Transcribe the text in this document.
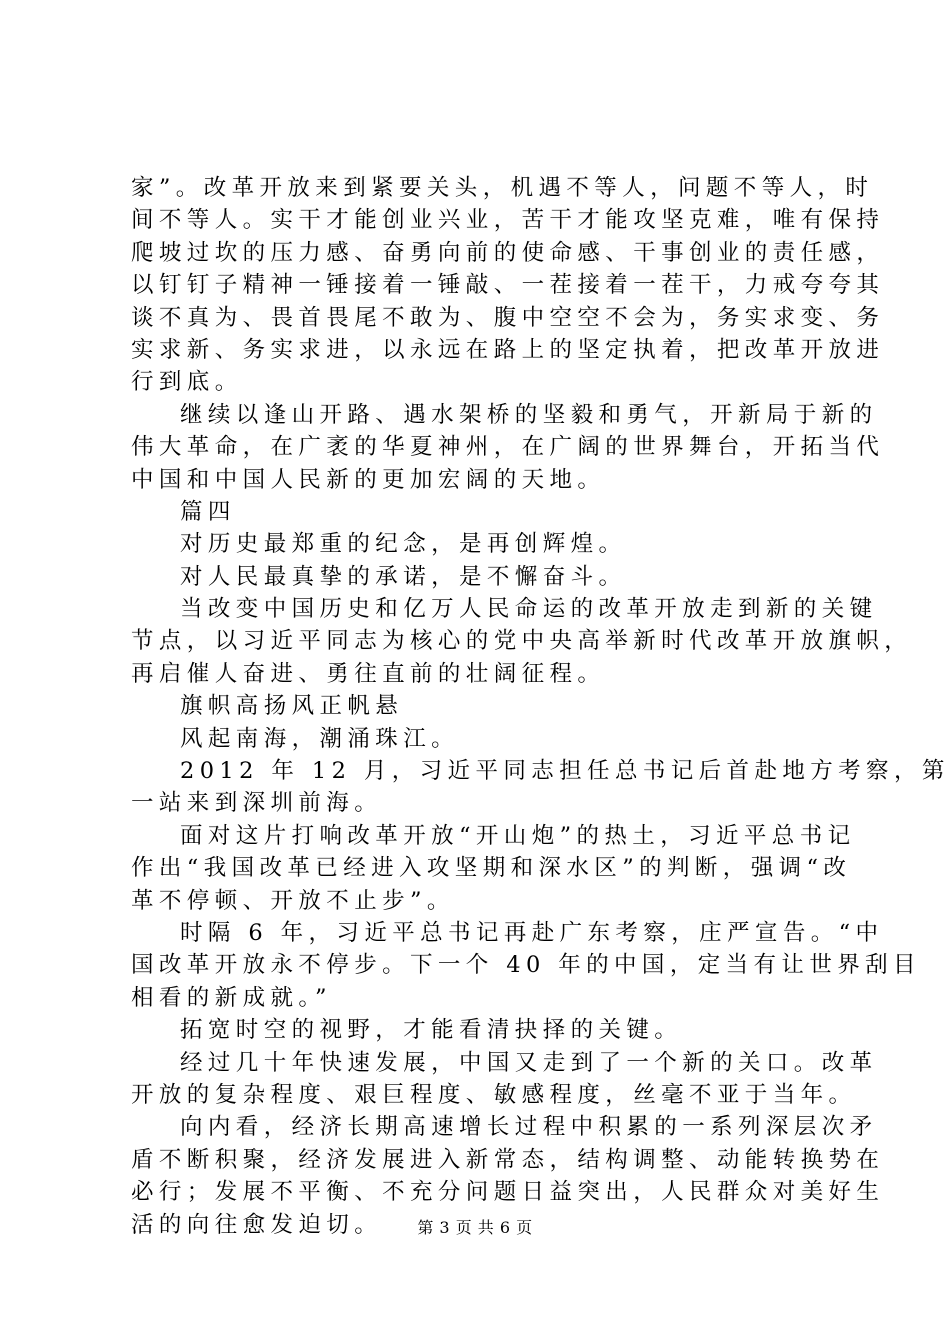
家”。改革开放来到紧要关头，机遇不等人，问题不等人，时
间不等人。实干才能创业兴业，苦干才能攻坚克难，唯有保持
爬坡过坎的压力感、奋勇向前的使命感、干事创业的责任感，
以钉钉子精神一锤接着一锤敲、一茬接着一茬干，力戒夸夸其
谈不真为、畏首畏尾不敢为、腹中空空不会为，务实求变、务
实求新、务实求进，以永远在路上的坚定执着，把改革开放进
行到底。
继续以逢山开路、遇水架桥的坚毅和勇气，开新局于新的
伟大革命，在广袤的华夏神州，在广阔的世界舞台，开拓当代
中国和中国人民新的更加宏阔的天地。
篇四
对历史最郑重的纪念，是再创辉煌。
对人民最真挚的承诺，是不懈奋斗。
当改变中国历史和亿万人民命运的改革开放走到新的关键
节点，以习近平同志为核心的党中央高举新时代改革开放旗帜，
再启催人奋进、勇往直前的壮阔征程。
旗帜高扬风正帆悬
风起南海，潮涌珠江。
2012 年 12 月，习近平同志担任总书记后首赴地方考察，第
一站来到深圳前海。
面对这片打响改革开放“开山炮”的热土，习近平总书记
作出“我国改革已经进入攻坚期和深水区”的判断，强调“改
革不停顿、开放不止步”。
时隔 6 年，习近平总书记再赴广东考察，庄严宣告。“中
国改革开放永不停步。下一个 40 年的中国，定当有让世界刮目
相看的新成就。”
拓宽时空的视野，才能看清抉择的关键。
经过几十年快速发展，中国又走到了一个新的关口。改革
开放的复杂程度、艰巨程度、敏感程度，丝毫不亚于当年。
向内看，经济长期高速增长过程中积累的一系列深层次矛
盾不断积聚，经济发展进入新常态，结构调整、动能转换势在
必行；发展不平衡、不充分问题日益突出，人民群众对美好生
活的向往愈发迫切。	第 3 页 共 6 页
